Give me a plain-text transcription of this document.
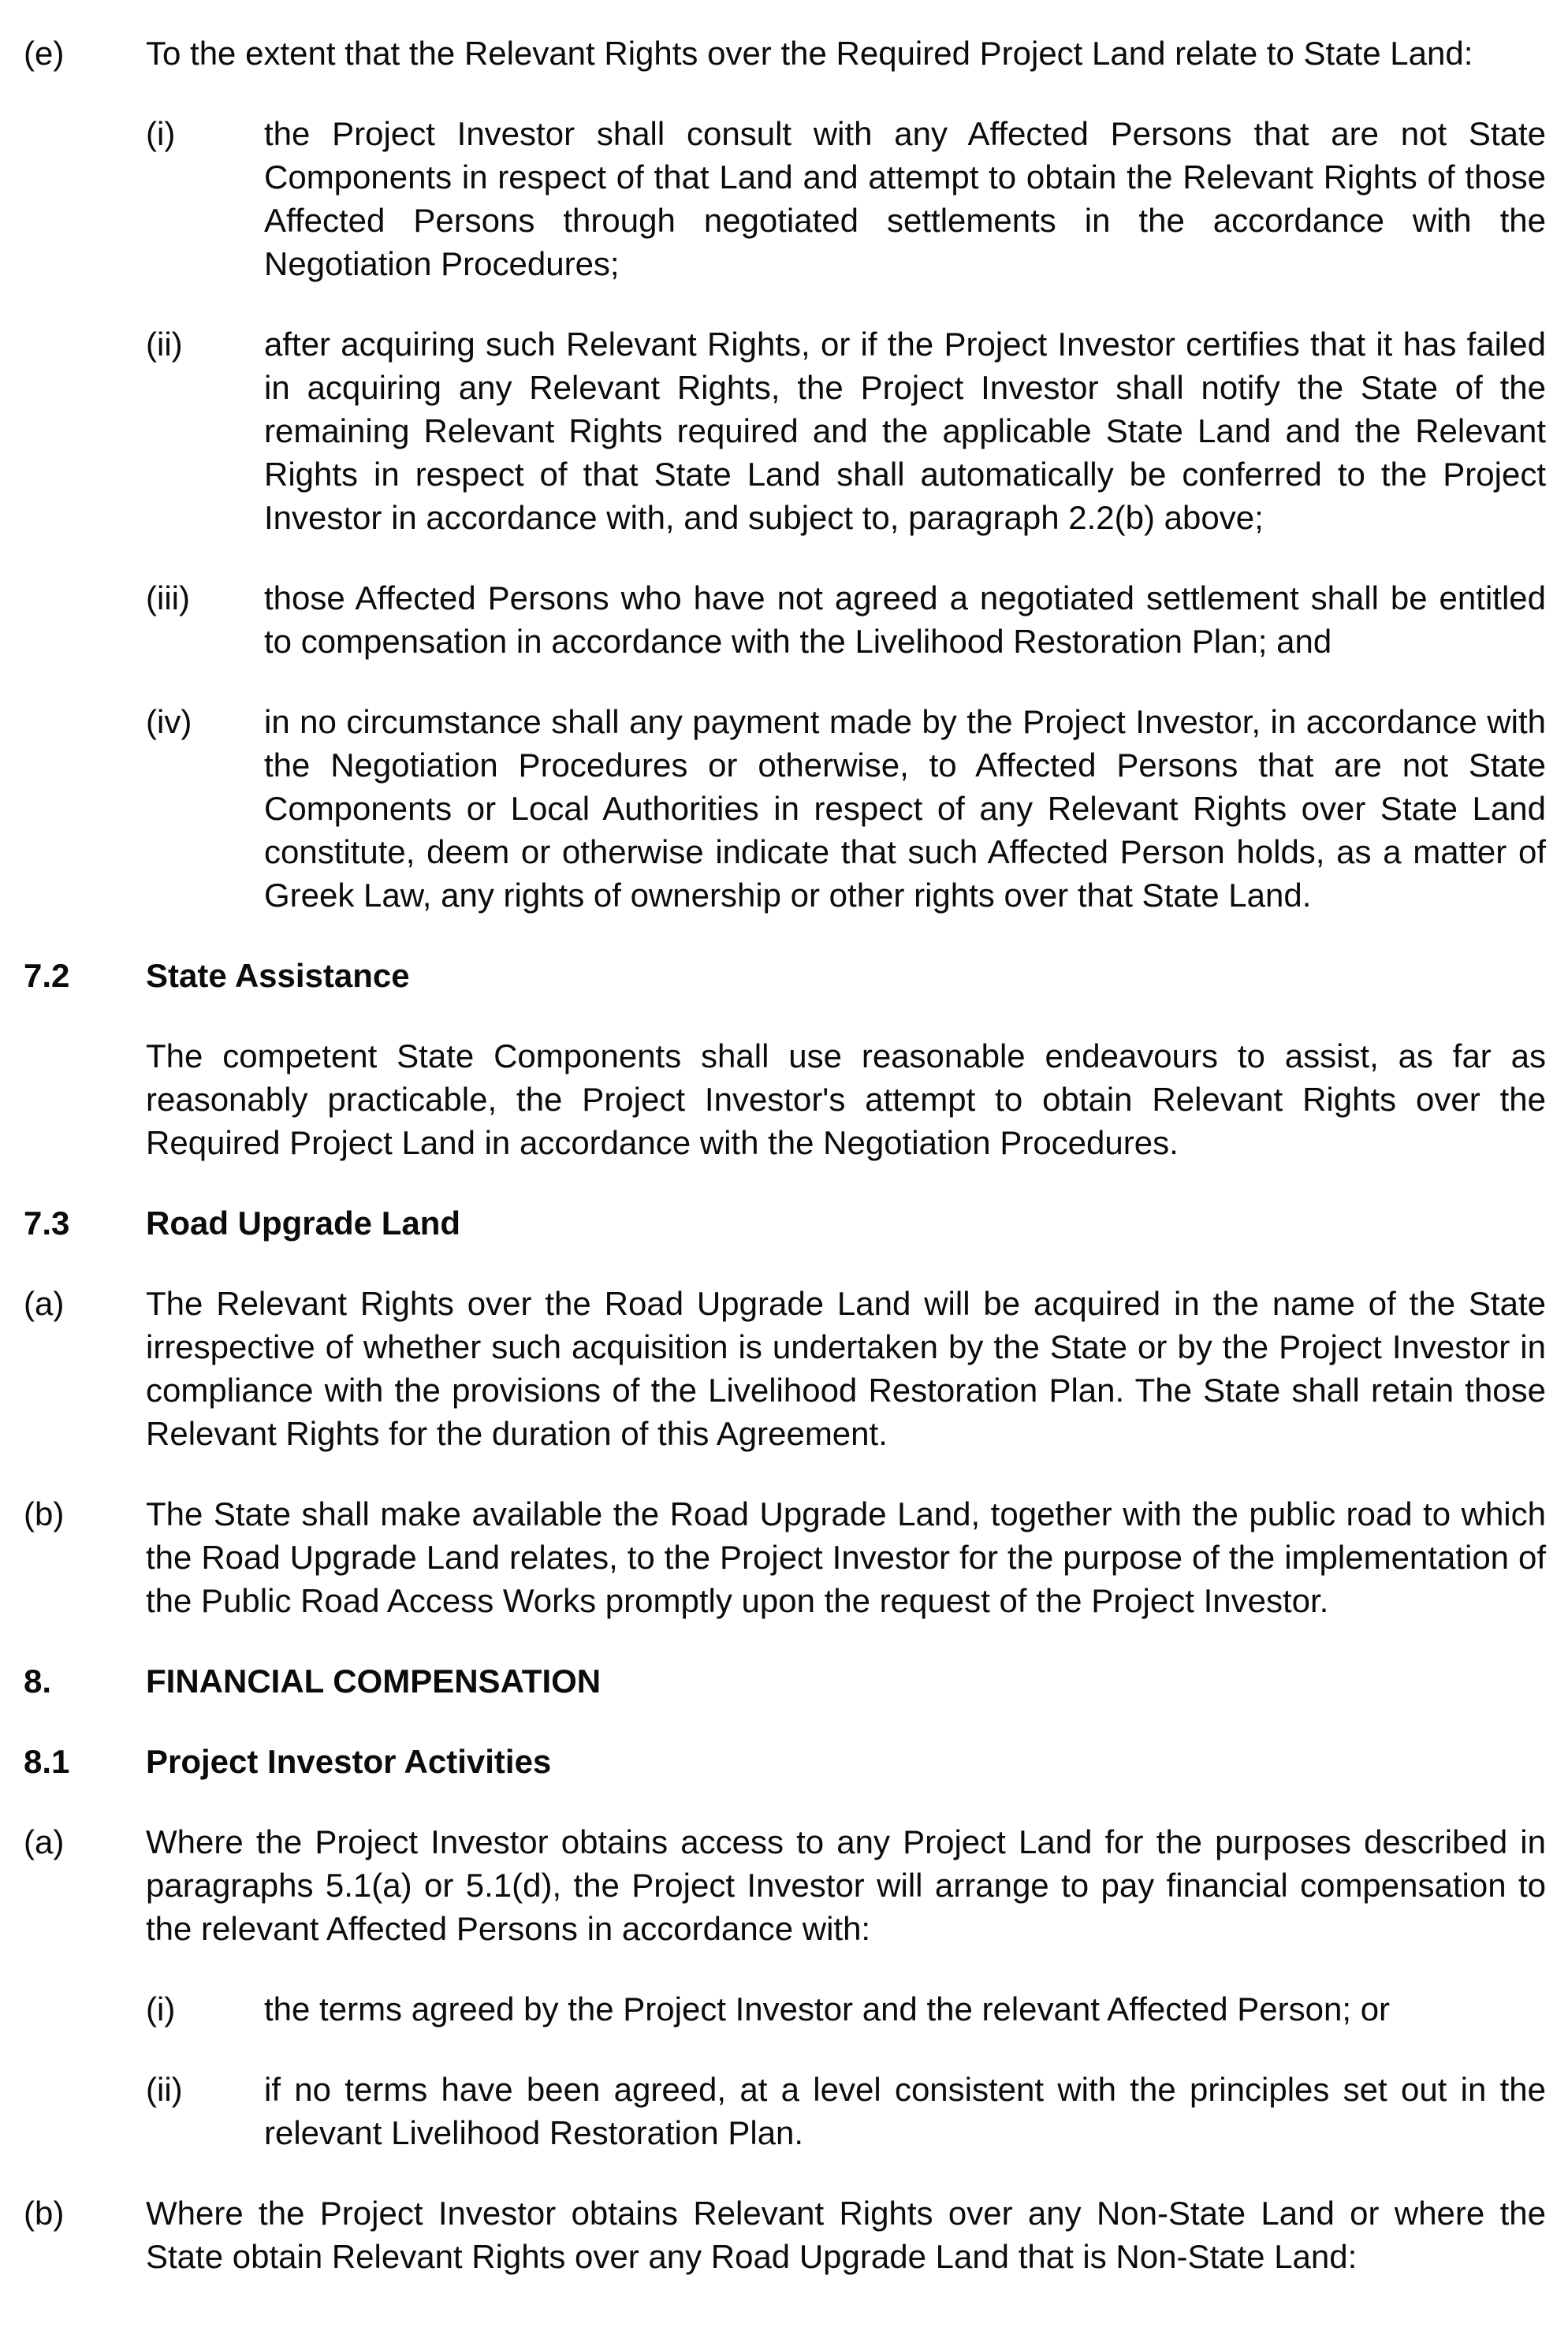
(e)	To the extent that the Relevant Rights over the Required Project Land relate to State Land:
(i)	the Project Investor shall consult with any Affected Persons that are not State Components in respect of that Land and attempt to obtain the Relevant Rights of those Affected Persons through negotiated settlements in the accordance with the Negotiation Procedures;
(ii)	after acquiring such Relevant Rights, or if the Project Investor certifies that it has failed in acquiring any Relevant Rights, the Project Investor shall notify the State of the remaining Relevant Rights required and the applicable State Land and the Relevant Rights in respect of that State Land shall automatically be conferred to the Project Investor in accordance with, and subject to, paragraph 2.2(b) above;
(iii)	those Affected Persons who have not agreed a negotiated settlement shall be entitled to compensation in accordance with the Livelihood Restoration Plan; and
(iv)	in no circumstance shall any payment made by the Project Investor, in accordance with the Negotiation Procedures or otherwise, to Affected Persons that are not State Components or Local Authorities in respect of any Relevant Rights over State Land constitute, deem or otherwise indicate that such Affected Person holds, as a matter of Greek Law, any rights of ownership or other rights over that State Land.
7.2	State Assistance
The competent State Components shall use reasonable endeavours to assist, as far as reasonably practicable, the Project Investor's attempt to obtain Relevant Rights over the Required Project Land in accordance with the Negotiation Procedures.
7.3	Road Upgrade Land
(a)	The Relevant Rights over the Road Upgrade Land will be acquired in the name of the State irrespective of whether such acquisition is undertaken by the State or by the Project Investor in compliance with the provisions of the Livelihood Restoration Plan. The State shall retain those Relevant Rights for the duration of this Agreement.
(b)	The State shall make available the Road Upgrade Land, together with the public road to which the Road Upgrade Land relates, to the Project Investor for the purpose of the implementation of the Public Road Access Works promptly upon the request of the Project Investor.
8.	FINANCIAL COMPENSATION
8.1	Project Investor Activities
(a)	Where the Project Investor obtains access to any Project Land for the purposes described in paragraphs 5.1(a) or 5.1(d), the Project Investor will arrange to pay financial compensation to the relevant Affected Persons in accordance with:
(i)	the terms agreed by the Project Investor and the relevant Affected Person; or
(ii)	if no terms have been agreed, at a level consistent with the principles set out in the relevant Livelihood Restoration Plan.
(b)	Where the Project Investor obtains Relevant Rights over any Non-State Land or where the State obtain Relevant Rights over any Road Upgrade Land that is Non-State Land:
